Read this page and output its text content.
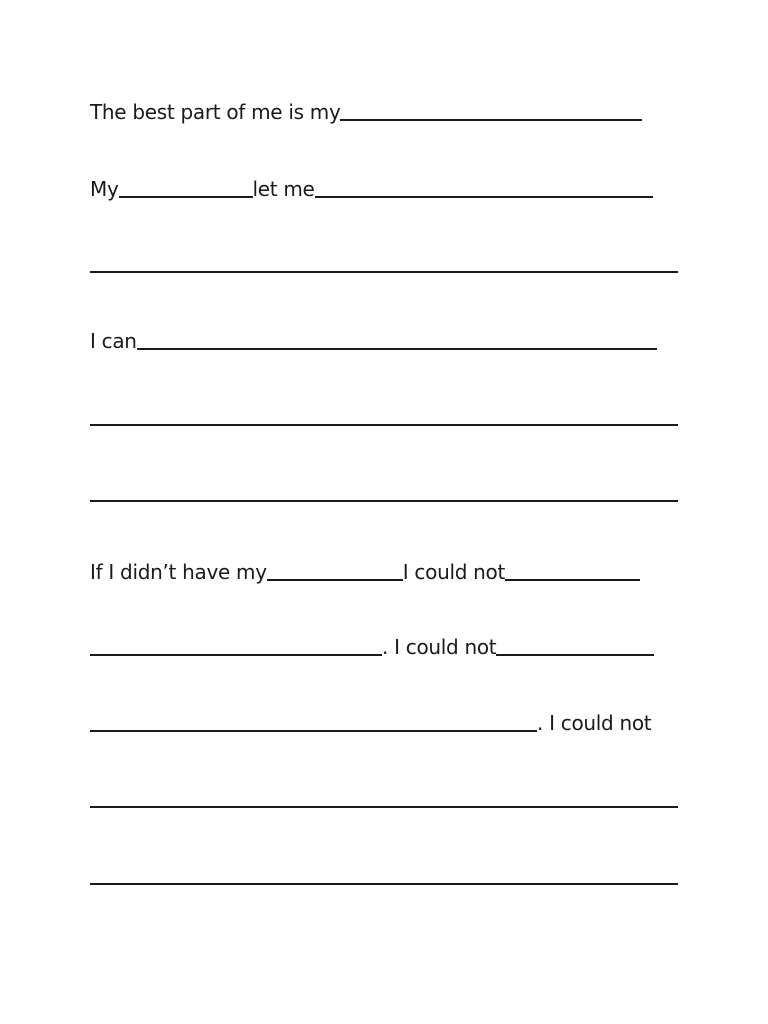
The best part of me is my
My	let me
I can
If I didn’t have my	I could not
. I could not
. I could not
